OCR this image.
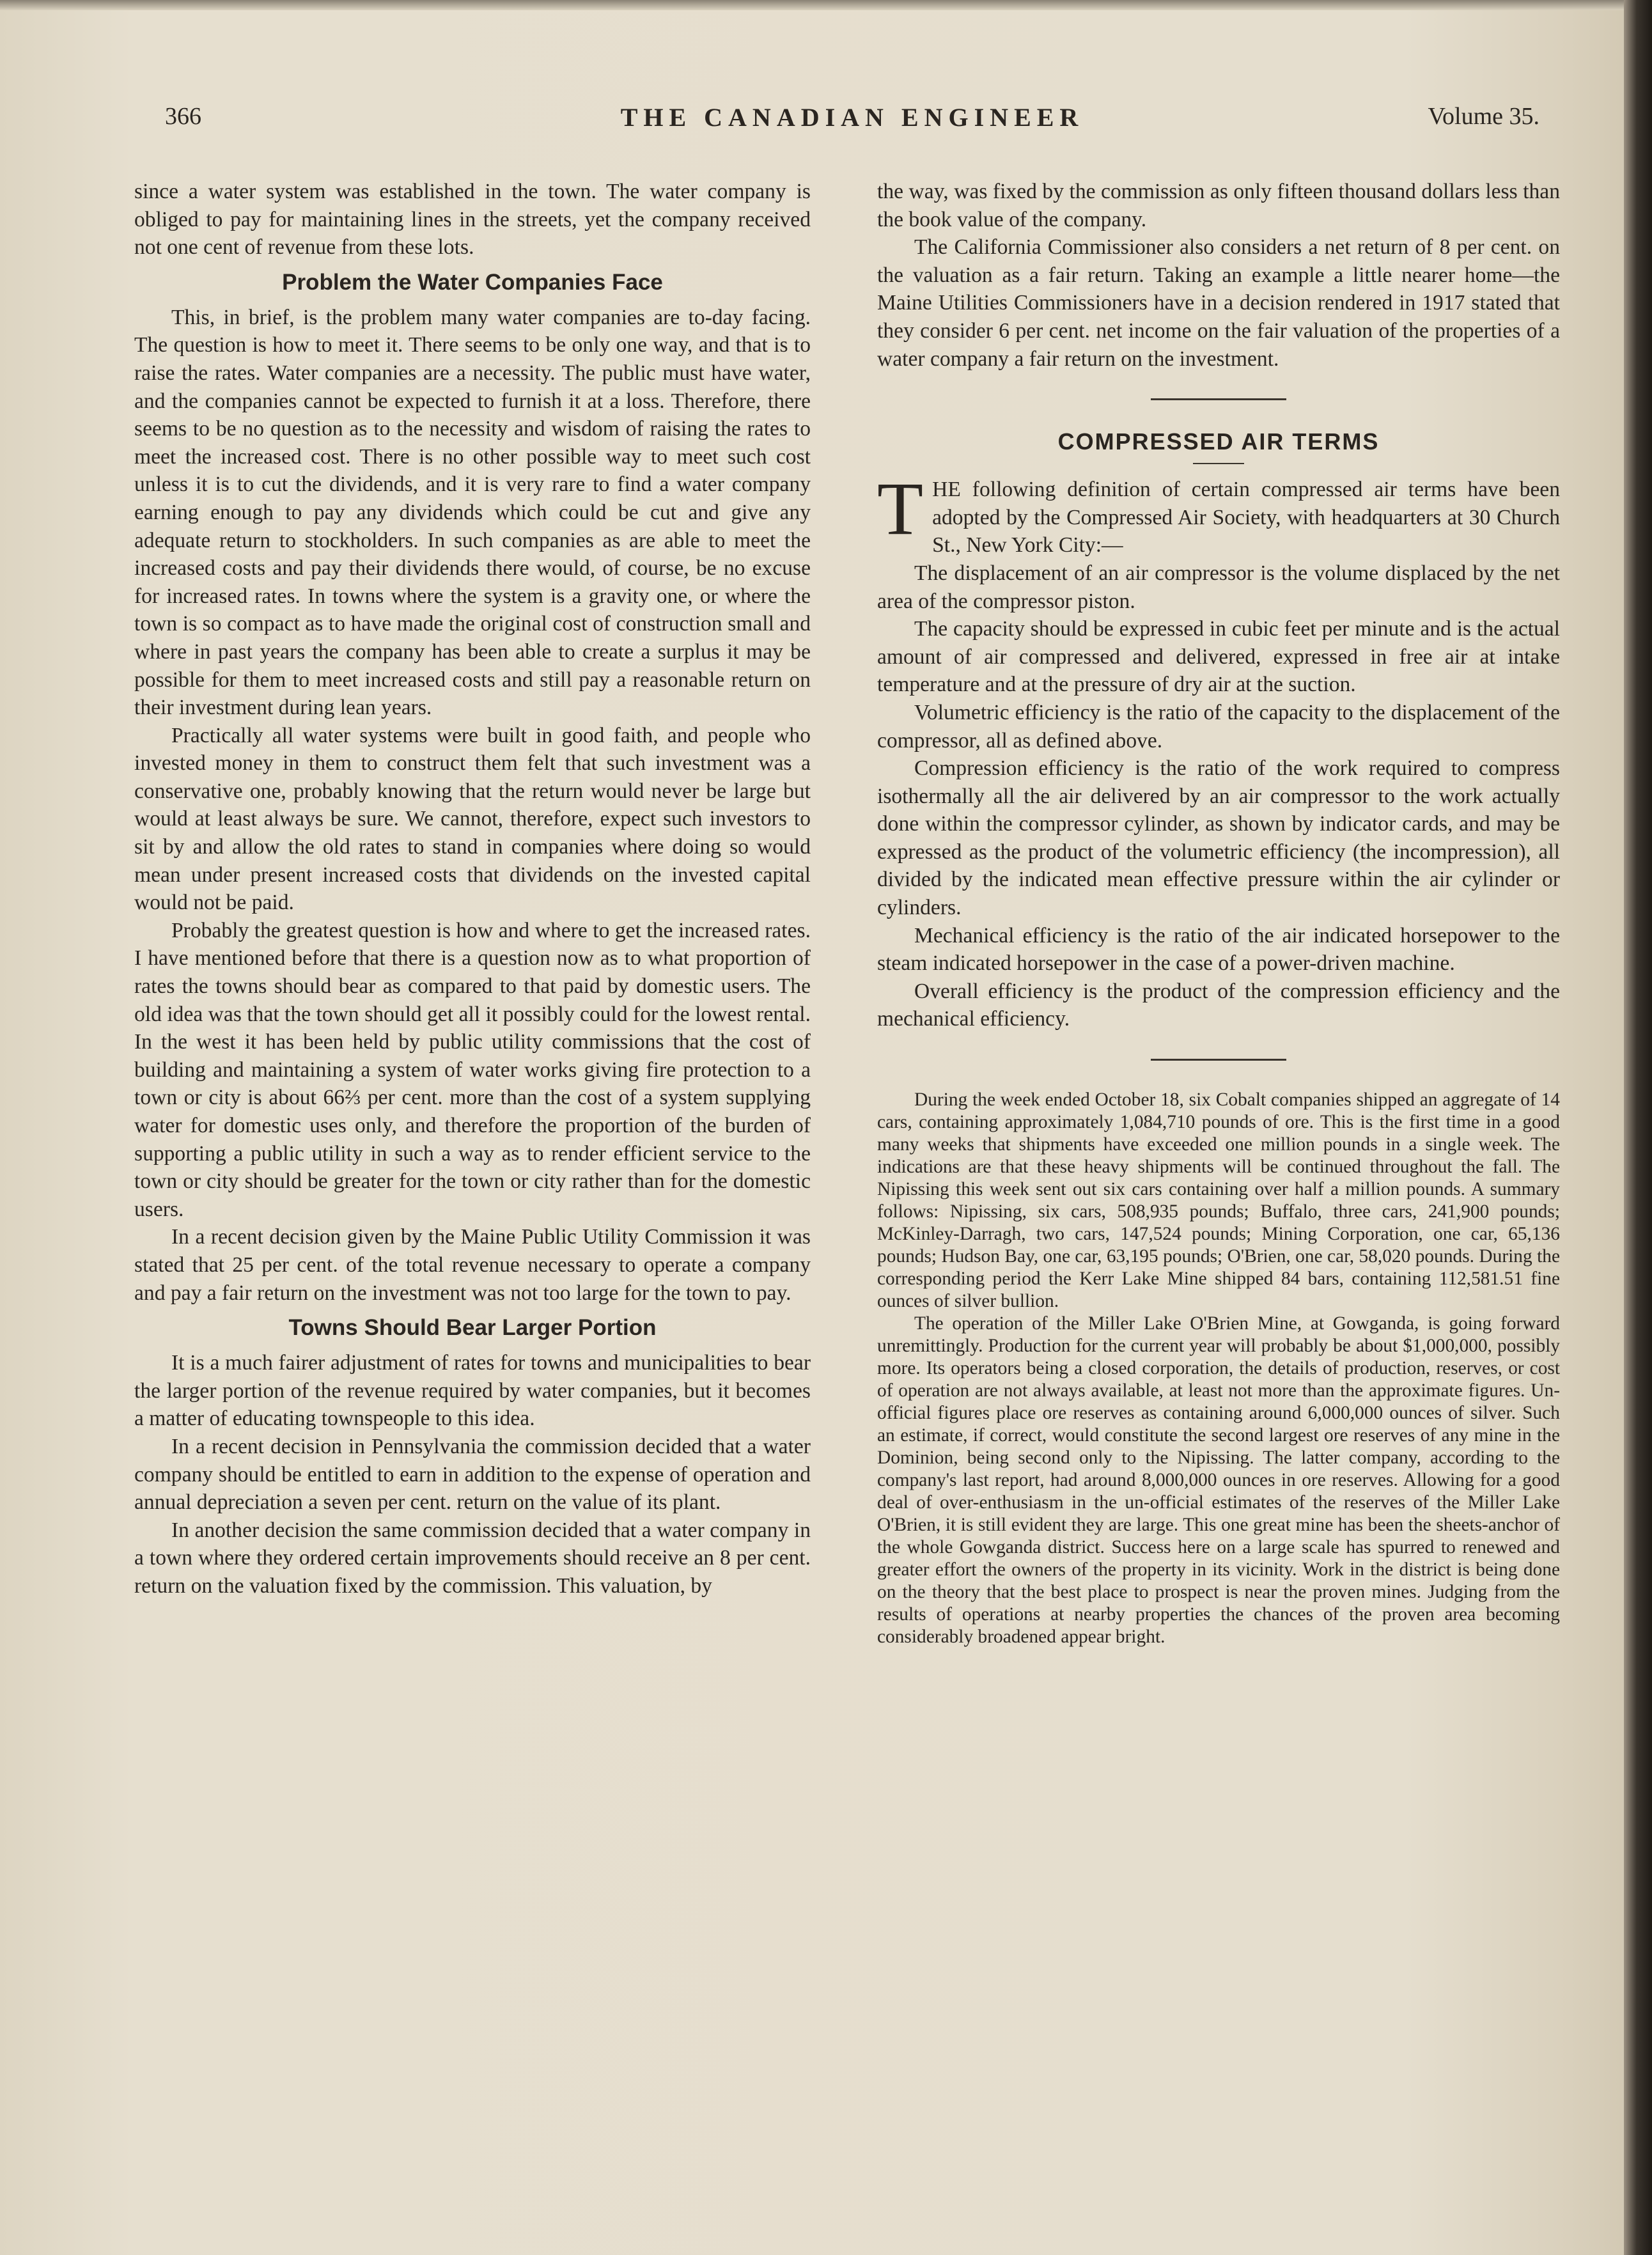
366	THE CANADIAN ENGINEER	Volume 35.

since a water system was established in the town. The water company is obliged to pay for maintaining lines in the streets, yet the company received not one cent of revenue from these lots.

Problem the Water Companies Face

This, in brief, is the problem many water companies are to-day facing. The question is how to meet it. There seems to be only one way, and that is to raise the rates. Water companies are a necessity. The public must have water, and the companies cannot be expected to furnish it at a loss. Therefore, there seems to be no question as to the necessity and wisdom of raising the rates to meet the increased cost. There is no other possible way to meet such cost unless it is to cut the dividends, and it is very rare to find a water company earning enough to pay any dividends which could be cut and give any adequate return to stockholders. In such companies as are able to meet the increased costs and pay their dividends there would, of course, be no excuse for increased rates. In towns where the system is a gravity one, or where the town is so compact as to have made the original cost of construction small and where in past years the company has been able to create a surplus it may be possible for them to meet increased costs and still pay a reasonable return on their investment during lean years.

Practically all water systems were built in good faith, and people who invested money in them to construct them felt that such investment was a conservative one, probably knowing that the return would never be large but would at least always be sure. We cannot, therefore, expect such investors to sit by and allow the old rates to stand in companies where doing so would mean under present increased costs that dividends on the invested capital would not be paid.

Probably the greatest question is how and where to get the increased rates. I have mentioned before that there is a question now as to what proportion of rates the towns should bear as compared to that paid by domestic users. The old idea was that the town should get all it possibly could for the lowest rental. In the west it has been held by public utility commissions that the cost of building and maintaining a system of water works giving fire protection to a town or city is about 66⅔ per cent. more than the cost of a system supplying water for domestic uses only, and therefore the proportion of the burden of supporting a public utility in such a way as to render efficient service to the town or city should be greater for the town or city rather than for the domestic users.

In a recent decision given by the Maine Public Utility Commission it was stated that 25 per cent. of the total revenue necessary to operate a company and pay a fair return on the investment was not too large for the town to pay.

Towns Should Bear Larger Portion

It is a much fairer adjustment of rates for towns and municipalities to bear the larger portion of the revenue required by water companies, but it becomes a matter of educating townspeople to this idea.

In a recent decision in Pennsylvania the commission decided that a water company should be entitled to earn in addition to the expense of operation and annual depreciation a seven per cent. return on the value of its plant.

In another decision the same commission decided that a water company in a town where they ordered certain improvements should receive an 8 per cent. return on the valuation fixed by the commission. This valuation, by

the way, was fixed by the commission as only fifteen thousand dollars less than the book value of the company.

The California Commissioner also considers a net return of 8 per cent. on the valuation as a fair return. Taking an example a little nearer home—the Maine Utilities Commissioners have in a decision rendered in 1917 stated that they consider 6 per cent. net income on the fair valuation of the properties of a water company a fair return on the investment.

COMPRESSED AIR TERMS
T HE following definition of certain compressed air terms have been adopted by the Compressed Air Society, with headquarters at 30 Church St., New York City:—

The displacement of an air compressor is the volume displaced by the net area of the compressor piston.

The capacity should be expressed in cubic feet per minute and is the actual amount of air compressed and delivered, expressed in free air at intake temperature and at the pressure of dry air at the suction.

Volumetric efficiency is the ratio of the capacity to the displacement of the compressor, all as defined above.

Compression efficiency is the ratio of the work required to compress isothermally all the air delivered by an air compressor to the work actually done within the compressor cylinder, as shown by indicator cards, and may be expressed as the product of the volumetric efficiency (the incompression), all divided by the indicated mean effective pressure within the air cylinder or cylinders.

Mechanical efficiency is the ratio of the air indicated horsepower to the steam indicated horsepower in the case of a power-driven machine.

Overall efficiency is the product of the compression efficiency and the mechanical efficiency.

During the week ended October 18, six Cobalt companies shipped an aggregate of 14 cars, containing approximately 1,084,710 pounds of ore. This is the first time in a good many weeks that shipments have exceeded one million pounds in a single week. The indications are that these heavy shipments will be continued throughout the fall. The Nipissing this week sent out six cars containing over half a million pounds. A summary follows: Nipissing, six cars, 508,935 pounds; Buffalo, three cars, 241,900 pounds; McKinley-Darragh, two cars, 147,524 pounds; Mining Corporation, one car, 65,136 pounds; Hudson Bay, one car, 63,195 pounds; O'Brien, one car, 58,020 pounds. During the corresponding period the Kerr Lake Mine shipped 84 bars, containing 112,581.51 fine ounces of silver bullion.

The operation of the Miller Lake O'Brien Mine, at Gowganda, is going forward unremittingly. Production for the current year will probably be about $1,000,000, possibly more. Its operators being a closed corporation, the details of production, reserves, or cost of operation are not always available, at least not more than the approximate figures. Un-official figures place ore reserves as containing around 6,000,000 ounces of silver. Such an estimate, if correct, would constitute the second largest ore reserves of any mine in the Dominion, being second only to the Nipissing. The latter company, according to the company's last report, had around 8,000,000 ounces in ore reserves. Allowing for a good deal of over-enthusiasm in the un-official estimates of the reserves of the Miller Lake O'Brien, it is still evident they are large. This one great mine has been the sheets-anchor of the whole Gowganda district. Success here on a large scale has spurred to renewed and greater effort the owners of the property in its vicinity. Work in the district is being done on the theory that the best place to prospect is near the proven mines. Judging from the results of operations at nearby properties the chances of the proven area becoming considerably broadened appear bright.
